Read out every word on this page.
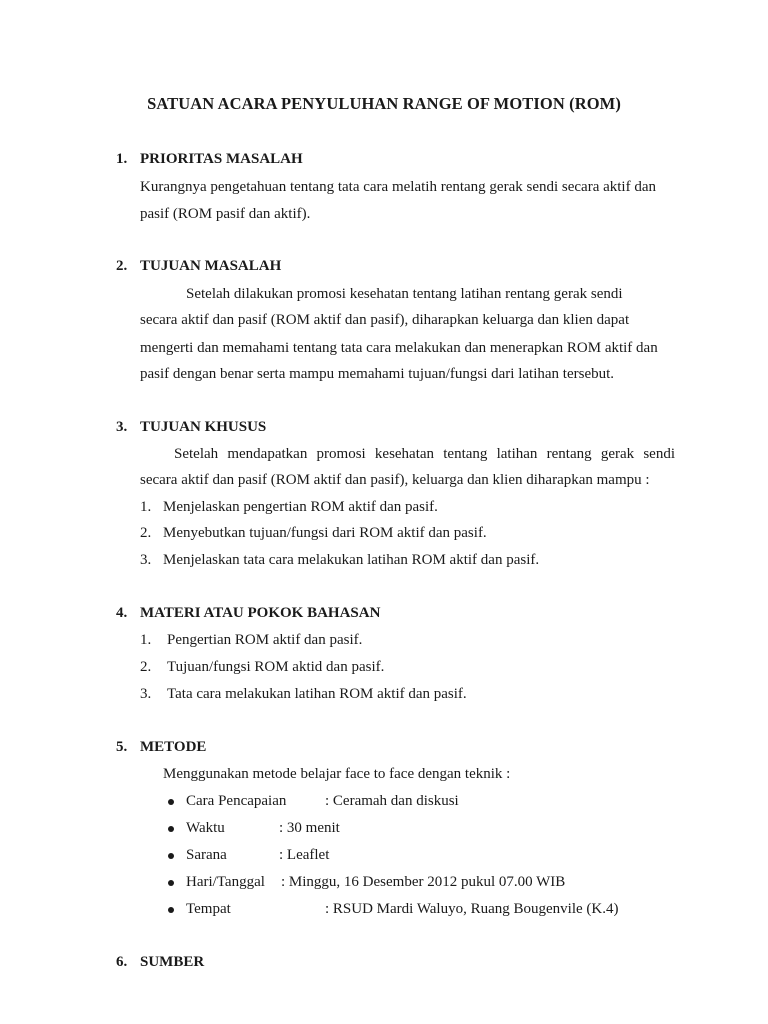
SATUAN ACARA PENYULUHAN RANGE OF MOTION (ROM)
1. PRIORITAS MASALAH
Kurangnya pengetahuan tentang tata cara melatih rentang gerak sendi secara aktif dan
pasif (ROM pasif dan aktif).
2. TUJUAN MASALAH
Setelah dilakukan promosi kesehatan tentang latihan rentang gerak sendi
secara aktif dan pasif (ROM aktif dan pasif), diharapkan keluarga dan klien dapat
mengerti dan memahami tentang tata cara melakukan dan menerapkan ROM aktif dan
pasif dengan benar serta mampu memahami tujuan/fungsi dari latihan tersebut.
3. TUJUAN KHUSUS
Setelah mendapatkan promosi kesehatan tentang latihan rentang gerak sendi
secara aktif dan pasif (ROM aktif dan pasif), keluarga dan klien diharapkan mampu :
1. Menjelaskan pengertian ROM aktif dan pasif.
2. Menyebutkan tujuan/fungsi dari ROM aktif dan pasif.
3. Menjelaskan tata cara melakukan latihan ROM aktif dan pasif.
4. MATERI ATAU POKOK BAHASAN
1. Pengertian ROM aktif dan pasif.
2. Tujuan/fungsi ROM aktid dan pasif.
3. Tata cara melakukan latihan ROM aktif dan pasif.
5. METODE
Menggunakan metode belajar face to face dengan teknik :
Cara Pencapaian	: Ceramah dan diskusi
Waktu	: 30 menit
Sarana	: Leaflet
Hari/Tanggal : Minggu, 16 Desember 2012 pukul 07.00 WIB
Tempat	: RSUD Mardi Waluyo, Ruang Bougenvile (K.4)
6. SUMBER
